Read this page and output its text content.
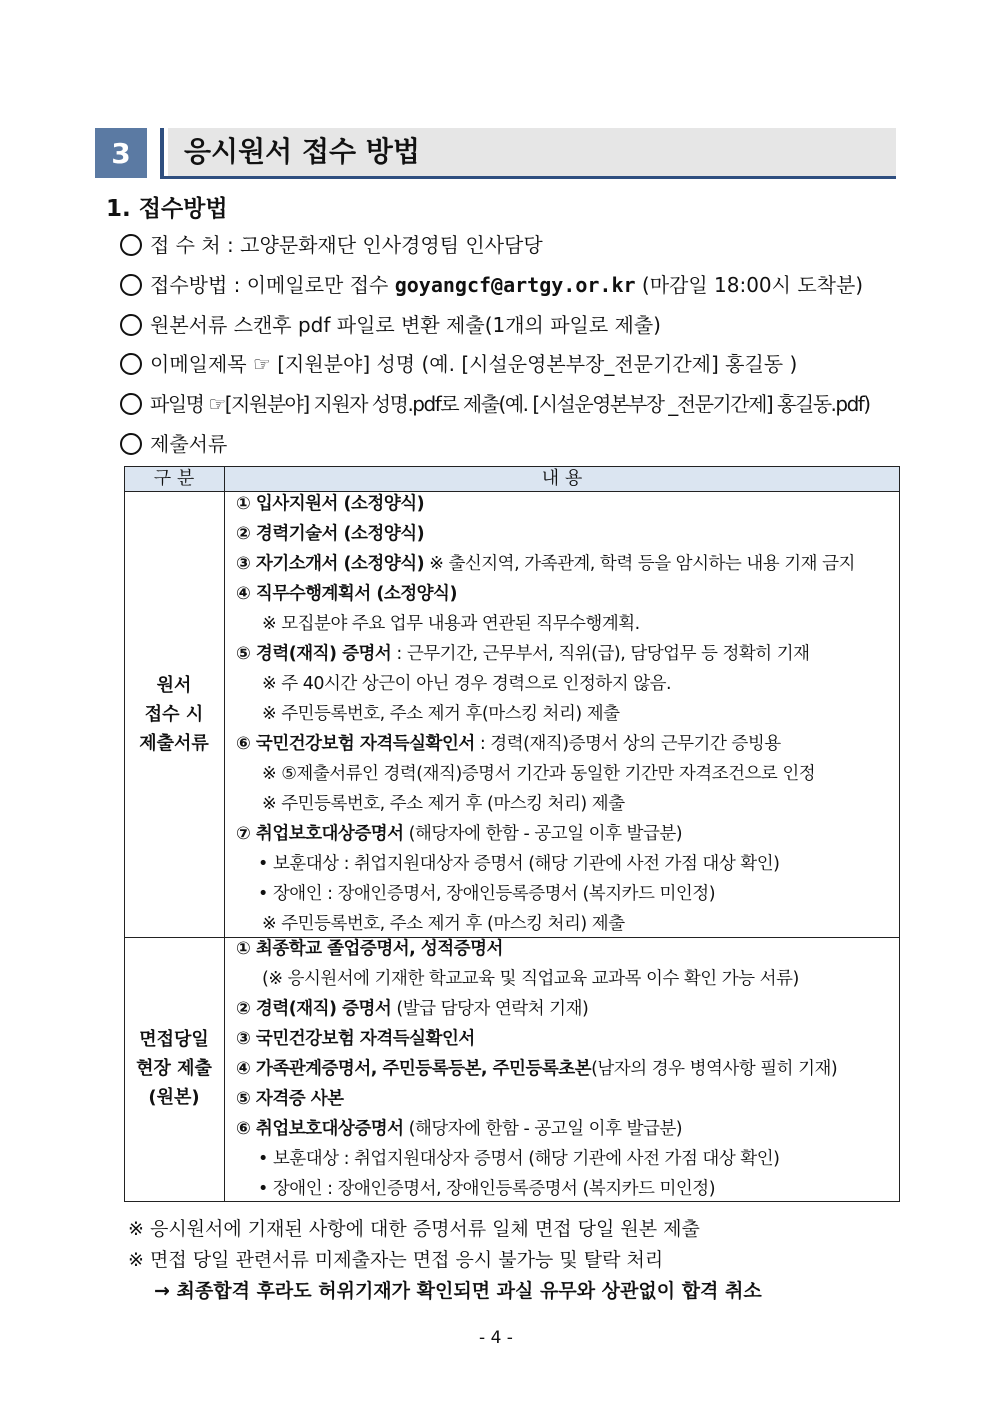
3	응시원서 접수 방법
1. 접수방법
접 수 처 : 고양문화재단 인사경영팀 인사담당
접수방법 : 이메일로만 접수 goyangcf@artgy.or.kr (마감일 18:00시 도착분)
원본서류 스캔후 pdf 파일로 변환 제출(1개의 파일로 제출)
이메일제목 ☞ [지원분야] 성명 (예. [시설운영본부장_전문기간제] 홍길동 )
파일명 ☞[지원분야] 지원자 성명.pdf로 제출(예. [시설운영본부장 _전문기간제] 홍길동.pdf)
제출서류
구 분	내 용
원서
접수 시
제출서류
① 입사지원서 (소정양식)
② 경력기술서 (소정양식)
③ 자기소개서 (소정양식) ※ 출신지역, 가족관계, 학력 등을 암시하는 내용 기재 금지
④ 직무수행계획서 (소정양식)
※ 모집분야 주요 업무 내용과 연관된 직무수행계획.
⑤ 경력(재직) 증명서 : 근무기간, 근무부서, 직위(급), 담당업무 등 정확히 기재
※ 주 40시간 상근이 아닌 경우 경력으로 인정하지 않음.
※ 주민등록번호, 주소 제거 후(마스킹 처리) 제출
⑥ 국민건강보험 자격득실확인서 : 경력(재직)증명서 상의 근무기간 증빙용
※ ⑤제출서류인 경력(재직)증명서 기간과 동일한 기간만 자격조건으로 인정
※ 주민등록번호, 주소 제거 후 (마스킹 처리) 제출
⑦ 취업보호대상증명서 (해당자에 한함 - 공고일 이후 발급분)
• 보훈대상 : 취업지원대상자 증명서 (해당 기관에 사전 가점 대상 확인)
• 장애인 : 장애인증명서, 장애인등록증명서 (복지카드 미인정)
※ 주민등록번호, 주소 제거 후 (마스킹 처리) 제출
면접당일
현장 제출
(원본)
① 최종학교 졸업증명서, 성적증명서
(※ 응시원서에 기재한 학교교육 및 직업교육 교과목 이수 확인 가능 서류)
② 경력(재직) 증명서 (발급 담당자 연락처 기재)
③ 국민건강보험 자격득실확인서
④ 가족관계증명서, 주민등록등본, 주민등록초본(남자의 경우 병역사항 필히 기재)
⑤ 자격증 사본
⑥ 취업보호대상증명서 (해당자에 한함 - 공고일 이후 발급분)
• 보훈대상 : 취업지원대상자 증명서 (해당 기관에 사전 가점 대상 확인)
• 장애인 : 장애인증명서, 장애인등록증명서 (복지카드 미인정)
※ 응시원서에 기재된 사항에 대한 증명서류 일체 면접 당일 원본 제출
※ 면접 당일 관련서류 미제출자는 면접 응시 불가능 및 탈락 처리
→ 최종합격 후라도 허위기재가 확인되면 과실 유무와 상관없이 합격 취소
- 4 -
